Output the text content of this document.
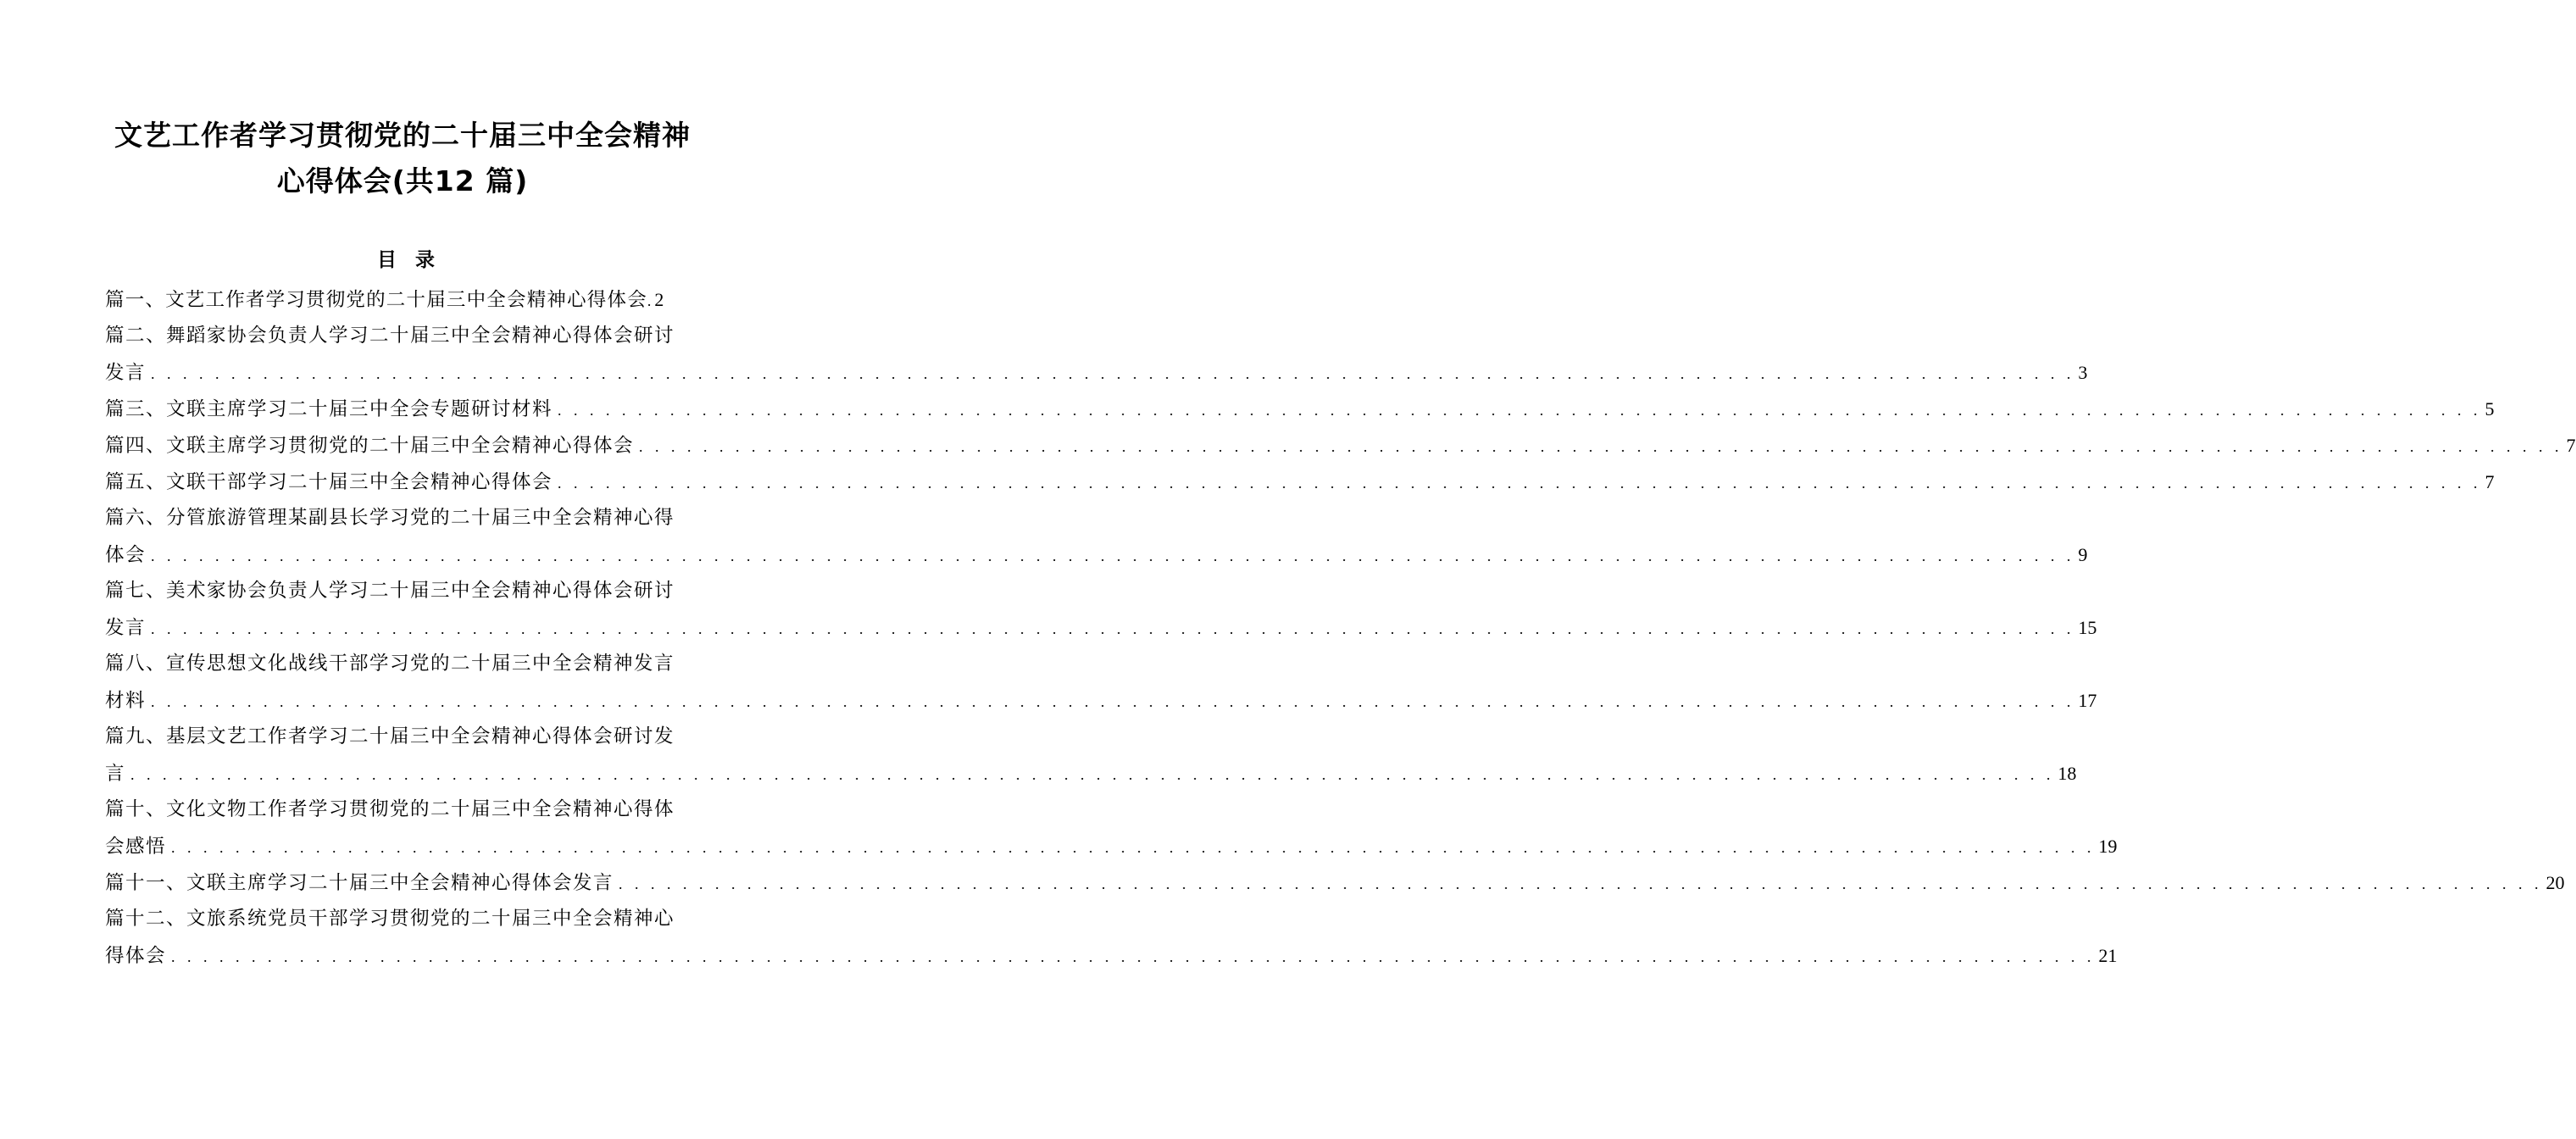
文艺工作者学习贯彻党的二十届三中全会精神
心得体会(共12 篇)
目录
篇一、文艺工作者学习贯彻党的二十届三中全会精神心得体会 . 2
篇二、舞蹈家协会负责人学习二十届三中全会精神心得体会研讨
发言 . . . . . . . . . . . . . . . . . . . . . . . . . . . . . . . . . . . . . . . . . . . . . . . . . . . . . . . . . . . . . . . . . . . . . . . . . . . . . . . . . . . . . . . . . . . . . . . . . . . . . . . . . . . . . . . . . . . . . . . . 3
篇三、文联主席学习二十届三中全会专题研讨材料 . . . . . . . . . . . . . . . . . . . . . . . . . . . . . . . . . . . . . . . . . . . . . . . . . . . . . . . . . . . . . . . . . . . . . . . . . . . . . . . . . . . . . . . . . . . . . . . . . . . . . . . . . . . . . . . . . . . . . . . . 5
篇四、文联主席学习贯彻党的二十届三中全会精神心得体会 . . . . . . . . . . . . . . . . . . . . . . . . . . . . . . . . . . . . . . . . . . . . . . . . . . . . . . . . . . . . . . . . . . . . . . . . . . . . . . . . . . . . . . . . . . . . . . . . . . . . . . . . . . . . . . . . . . . . . . . . 7
篇五、文联干部学习二十届三中全会精神心得体会 . . . . . . . . . . . . . . . . . . . . . . . . . . . . . . . . . . . . . . . . . . . . . . . . . . . . . . . . . . . . . . . . . . . . . . . . . . . . . . . . . . . . . . . . . . . . . . . . . . . . . . . . . . . . . . . . . . . . . . . . 7
篇六、分管旅游管理某副县长学习党的二十届三中全会精神心得
体会 . . . . . . . . . . . . . . . . . . . . . . . . . . . . . . . . . . . . . . . . . . . . . . . . . . . . . . . . . . . . . . . . . . . . . . . . . . . . . . . . . . . . . . . . . . . . . . . . . . . . . . . . . . . . . . . . . . . . . . . . 9
篇七、美术家协会负责人学习二十届三中全会精神心得体会研讨
发言 . . . . . . . . . . . . . . . . . . . . . . . . . . . . . . . . . . . . . . . . . . . . . . . . . . . . . . . . . . . . . . . . . . . . . . . . . . . . . . . . . . . . . . . . . . . . . . . . . . . . . . . . . . . . . . . . . . . . . . . . 15
篇八、宣传思想文化战线干部学习党的二十届三中全会精神发言
材料 . . . . . . . . . . . . . . . . . . . . . . . . . . . . . . . . . . . . . . . . . . . . . . . . . . . . . . . . . . . . . . . . . . . . . . . . . . . . . . . . . . . . . . . . . . . . . . . . . . . . . . . . . . . . . . . . . . . . . . . . 17
篇九、基层文艺工作者学习二十届三中全会精神心得体会研讨发
言 . . . . . . . . . . . . . . . . . . . . . . . . . . . . . . . . . . . . . . . . . . . . . . . . . . . . . . . . . . . . . . . . . . . . . . . . . . . . . . . . . . . . . . . . . . . . . . . . . . . . . . . . . . . . . . . . . . . . . . . . 18
篇十、文化文物工作者学习贯彻党的二十届三中全会精神心得体
会感悟 . . . . . . . . . . . . . . . . . . . . . . . . . . . . . . . . . . . . . . . . . . . . . . . . . . . . . . . . . . . . . . . . . . . . . . . . . . . . . . . . . . . . . . . . . . . . . . . . . . . . . . . . . . . . . . . . . . . . . . . . 19
篇十一、文联主席学习二十届三中全会精神心得体会发言 . . . . . . . . . . . . . . . . . . . . . . . . . . . . . . . . . . . . . . . . . . . . . . . . . . . . . . . . . . . . . . . . . . . . . . . . . . . . . . . . . . . . . . . . . . . . . . . . . . . . . . . . . . . . . . . . . . . . . . . . 20
篇十二、文旅系统党员干部学习贯彻党的二十届三中全会精神心
得体会 . . . . . . . . . . . . . . . . . . . . . . . . . . . . . . . . . . . . . . . . . . . . . . . . . . . . . . . . . . . . . . . . . . . . . . . . . . . . . . . . . . . . . . . . . . . . . . . . . . . . . . . . . . . . . . . . . . . . . . . . 21
